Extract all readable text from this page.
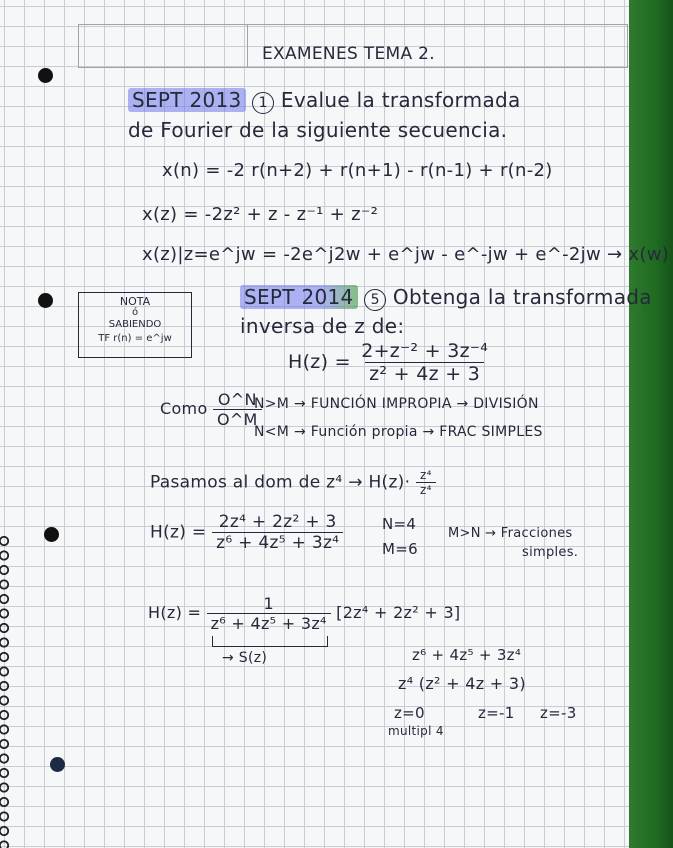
EXAMENES TEMA 2.
SEPT 2013 1 Evalue la transformada
de Fourier de la siguiente secuencia.
x(n) = -2 r(n+2) + r(n+1) - r(n-1) + r(n-2)
x(z) = -2z² + z - z⁻¹ + z⁻²
x(z)|z=e^jw = -2e^j2w + e^jw - e^-jw + e^-2jw → x(w)
NOTA
ó
SABIENDO
TF r(n) = e^jw
SEPT 2014 5 Obtenga la transformada
inversa de z de:
$H(z) = \frac{\text{2+z⁻² + 3z⁻⁴}}{\text{z² + 4z + 3}}$
Como $\frac{O\^{}N}{O\^{}M}$
N>M → FUNCIÓN IMPROPIA → DIVISIÓN
N<M → Función propia → FRAC SIMPLES
Pasamos al dom de $z^4 \to H(z)\cdot \frac{\text{z⁴}}{\text{z⁴}}$
$H(z) = \frac{\text{2z⁴ + 2z² + 3}}{\text{z⁶ + 4z⁵ + 3z⁴}}$	N=4
M=6
M>N → Fracciones
simples.
$H(z) = \frac{1}{\text{z⁶ + 4z⁵ + 3z⁴}} [2z^4 + 2z^2 + 3]$
→ S(z)	z⁶ + 4z⁵ + 3z⁴
z⁴ (z² + 4z + 3)
z=0
multipl 4
z=-1 z=-3
